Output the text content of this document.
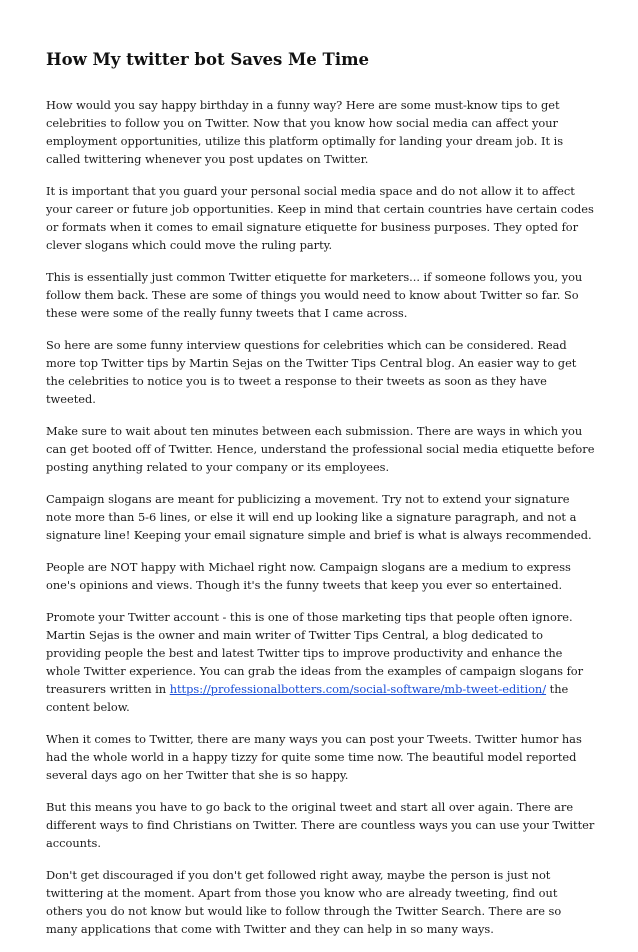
How My twitter bot Saves Me Time

How would you say happy birthday in a funny way? Here are some must-know tips to get celebrities to follow you on Twitter. Now that you know how social media can affect your employment opportunities, utilize this platform optimally for landing your dream job. It is called twittering whenever you post updates on Twitter.

It is important that you guard your personal social media space and do not allow it to affect your career or future job opportunities. Keep in mind that certain countries have certain codes or formats when it comes to email signature etiquette for business purposes. They opted for clever slogans which could move the ruling party.

This is essentially just common Twitter etiquette for marketers... if someone follows you, you follow them back. These are some of things you would need to know about Twitter so far. So these were some of the really funny tweets that I came across.

So here are some funny interview questions for celebrities which can be considered. Read more top Twitter tips by Martin Sejas on the Twitter Tips Central blog. An easier way to get the celebrities to notice you is to tweet a response to their tweets as soon as they have tweeted.

Make sure to wait about ten minutes between each submission. There are ways in which you can get booted off of Twitter. Hence, understand the professional social media etiquette before posting anything related to your company or its employees.

Campaign slogans are meant for publicizing a movement. Try not to extend your signature note more than 5-6 lines, or else it will end up looking like a signature paragraph, and not a signature line! Keeping your email signature simple and brief is what is always recommended.

People are NOT happy with Michael right now. Campaign slogans are a medium to express one's opinions and views. Though it's the funny tweets that keep you ever so entertained.

Promote your Twitter account - this is one of those marketing tips that people often ignore. Martin Sejas is the owner and main writer of Twitter Tips Central, a blog dedicated to providing people the best and latest Twitter tips to improve productivity and enhance the whole Twitter experience. You can grab the ideas from the examples of campaign slogans for treasurers written in https://professionalbotters.com/social-software/mb-tweet-edition/ the content below.

When it comes to Twitter, there are many ways you can post your Tweets. Twitter humor has had the whole world in a happy tizzy for quite some time now. The beautiful model reported several days ago on her Twitter that she is so happy.

But this means you have to go back to the original tweet and start all over again. There are different ways to find Christians on Twitter. There are countless ways you can use your Twitter accounts.

Don't get discouraged if you don't get followed right away, maybe the person is just not twittering at the moment. Apart from those you know who are already tweeting, find out others you do not know but would like to follow through the Twitter Search. There are so many applications that come with Twitter and they can help in so many ways.
